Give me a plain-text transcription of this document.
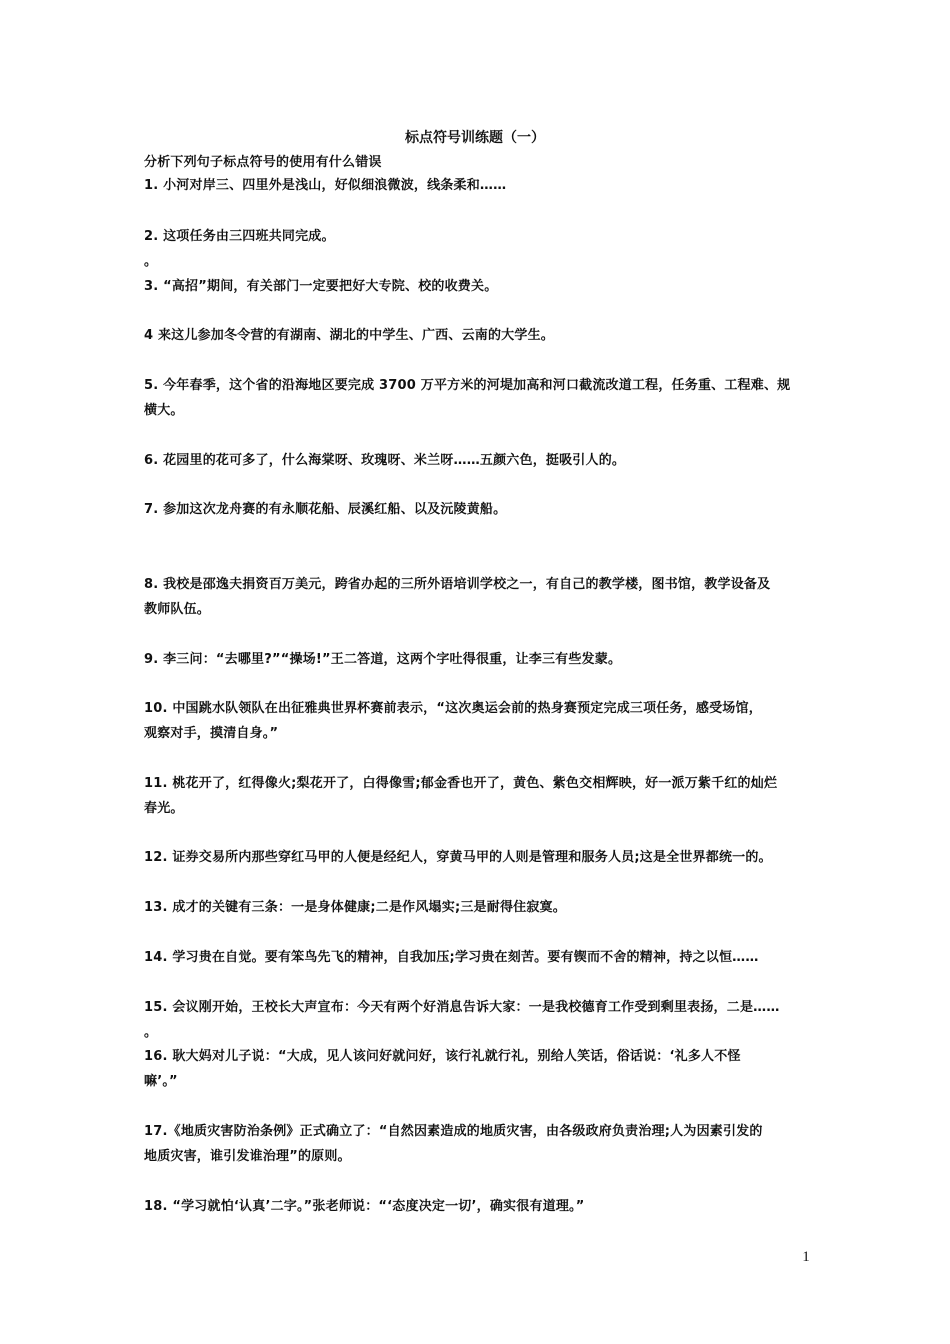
标点符号训练题（一）
分析下列句子标点符号的使用有什么错误
1. 小河对岸三、四里外是浅山，好似细浪微波，线条柔和……
2. 这项任务由三四班共同完成。
。
3. “高招”期间，有关部门一定要把好大专院、校的收费关。
4 来这儿参加冬令营的有湖南、湖北的中学生、广西、云南的大学生。
5. 今年春季，这个省的沿海地区要完成 3700 万平方米的河堤加高和河口截流改道工程，任务重、工程难、规
横大。
6. 花园里的花可多了，什么海棠呀、玫瑰呀、米兰呀……五颜六色，挺吸引人的。
7. 参加这次龙舟赛的有永顺花船、辰溪红船、以及沅陵黄船。
8. 我校是邵逸夫捐资百万美元，跨省办起的三所外语培训学校之一，有自己的教学楼，图书馆，教学设备及
教师队伍。
9. 李三问：“去哪里?”“操场!”王二答道，这两个字吐得很重，让李三有些发蒙。
10. 中国跳水队领队在出征雅典世界杯赛前表示，“这次奥运会前的热身赛预定完成三项任务，感受场馆，
观察对手，摸清自身。”
11. 桃花开了，红得像火;梨花开了，白得像雪;郁金香也开了，黄色、紫色交相辉映，好一派万紫千红的灿烂
春光。
12. 证券交易所内那些穿红马甲的人便是经纪人，穿黄马甲的人则是管理和服务人员;这是全世界都统一的。
13. 成才的关键有三条：一是身体健康;二是作风塌实;三是耐得住寂寞。
14. 学习贵在自觉。要有笨鸟先飞的精神，自我加压;学习贵在刻苦。要有锲而不舍的精神，持之以恒……
15. 会议刚开始，王校长大声宣布：今天有两个好消息告诉大家：一是我校德育工作受到剩里表扬，二是……
。
16. 耿大妈对儿子说：“大成，见人该问好就问好，该行礼就行礼，别给人笑话，俗话说：‘礼多人不怪
嘛’。”
17.《地质灾害防治条例》正式确立了：“自然因素造成的地质灾害，由各级政府负责治理;人为因素引发的
地质灾害，谁引发谁治理”的原则。
18. “学习就怕‘认真’二字。”张老师说：“‘态度决定一切’，确实很有道理。”
1
